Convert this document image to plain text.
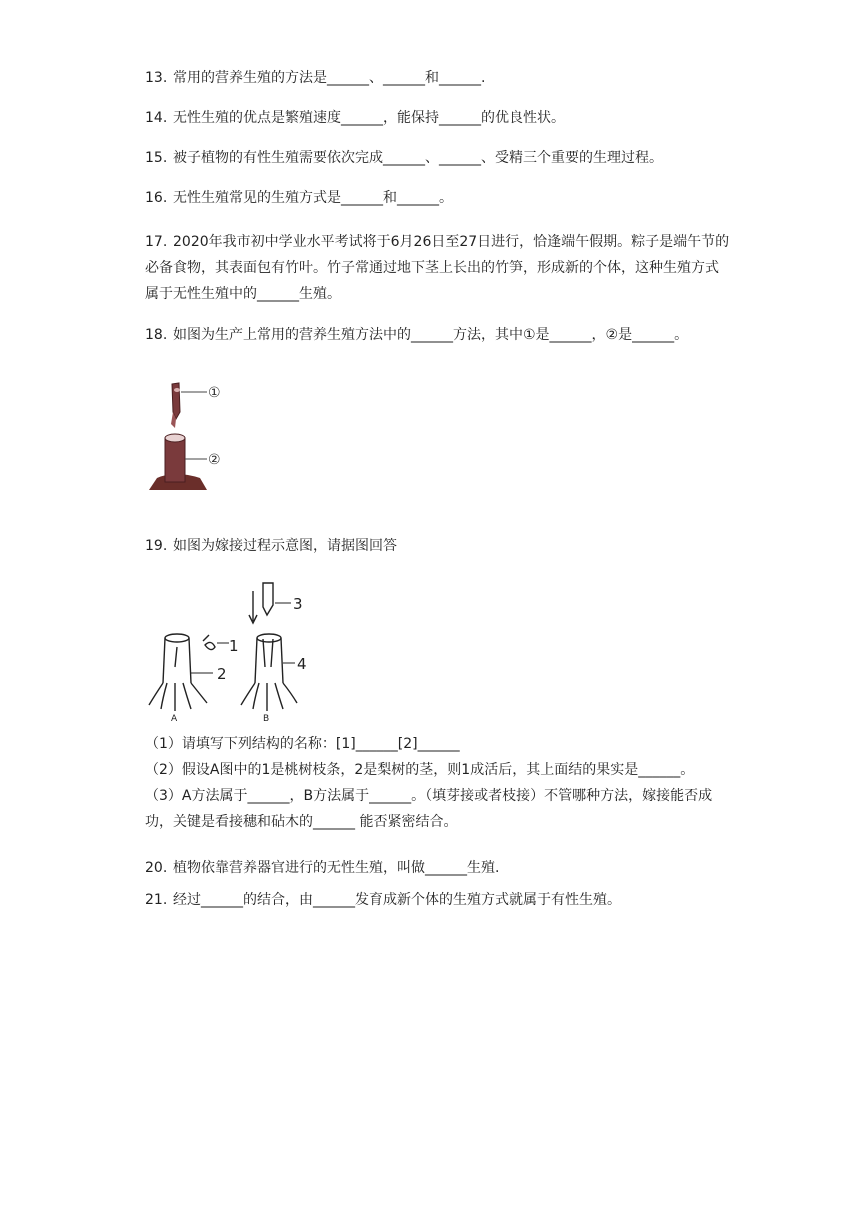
13. 常用的营养生殖的方法是______、______和______.

14. 无性生殖的优点是繁殖速度______，能保持______的优良性状。

15. 被子植物的有性生殖需要依次完成______、______、受精三个重要的生理过程。

16. 无性生殖常见的生殖方式是______和______。

17. 2020年我市初中学业水平考试将于6月26日至27日进行，恰逢端午假期。粽子是端午节的必备食物，其表面包有竹叶。竹子常通过地下茎上长出的竹笋，形成新的个体，这种生殖方式属于无性生殖中的______生殖。

18. 如图为生产上常用的营养生殖方法中的______方法，其中①是______，②是______。

①
②

19. 如图为嫁接过程示意图，请据图回答

1
2
3
4
A	B

（1）请填写下列结构的名称：[1]______[2]______

（2）假设A图中的1是桃树枝条，2是梨树的茎，则1成活后，其上面结的果实是______。

（3）A方法属于______，B方法属于______。（填芽接或者枝接）不管哪种方法，嫁接能否成功，关键是看接穗和砧木的______ 能否紧密结合。

20. 植物依靠营养器官进行的无性生殖，叫做______生殖.

21. 经过______的结合，由______发育成新个体的生殖方式就属于有性生殖。
